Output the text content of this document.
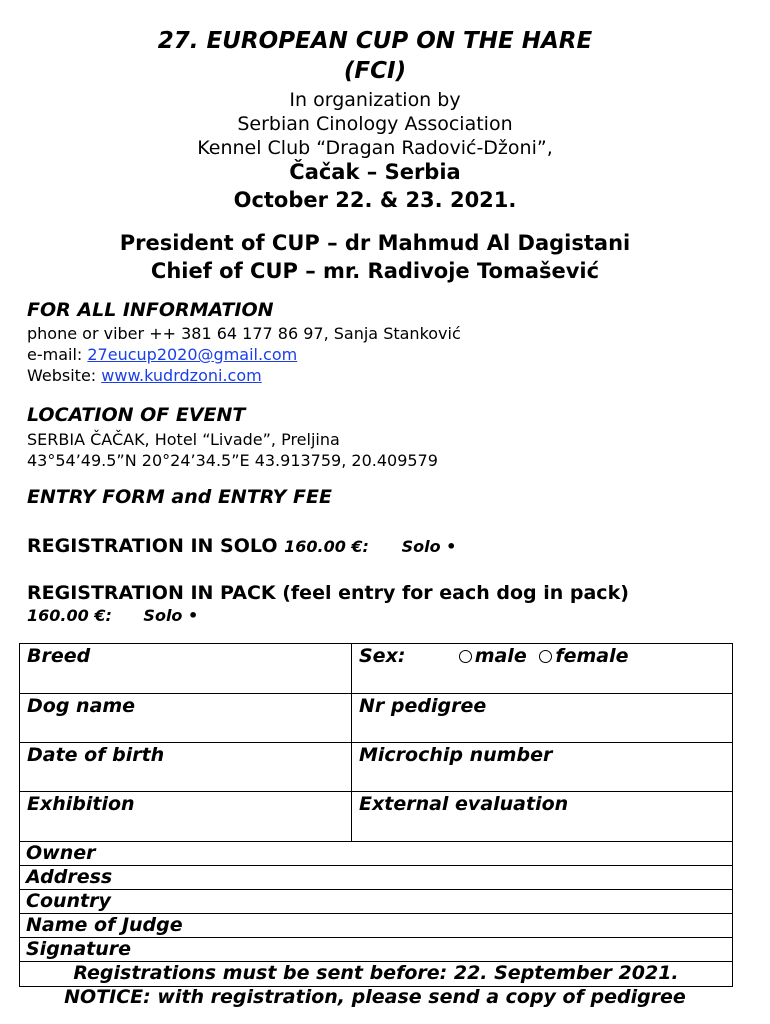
27. EUROPEAN CUP ON THE HARE
(FCI)
In organization by
Serbian Cinology Association
Kennel Club “Dragan Radović-Džoni”,
Čačak – Serbia
October 22. & 23. 2021.
President of CUP – dr Mahmud Al Dagistani
Chief of CUP – mr. Radivoje Tomašević
FOR ALL INFORMATION
phone or viber ++ 381 64 177 86 97, Sanja Stanković
e-mail: 27eucup2020@gmail.com
Website: www.kudrdzoni.com
LOCATION OF EVENT
SERBIA ČAČAK, Hotel “Livade”, Preljina
43°54’49.5”N 20°24’34.5”E 43.913759, 20.409579
ENTRY FORM and ENTRY FEE
REGISTRATION IN SOLO 160.00 €: Solo •
REGISTRATION IN PACK (feel entry for each dog in pack)
160.00 €: Solo •
Breed	Sex:	male female
Dog name	Nr pedigree
Date of birth	Microchip number
Exhibition	External evaluation
Owner
Address
Country
Name of Judge
Signature
Registrations must be sent before: 22. September 2021.
NOTICE: with registration, please send a copy of pedigree
